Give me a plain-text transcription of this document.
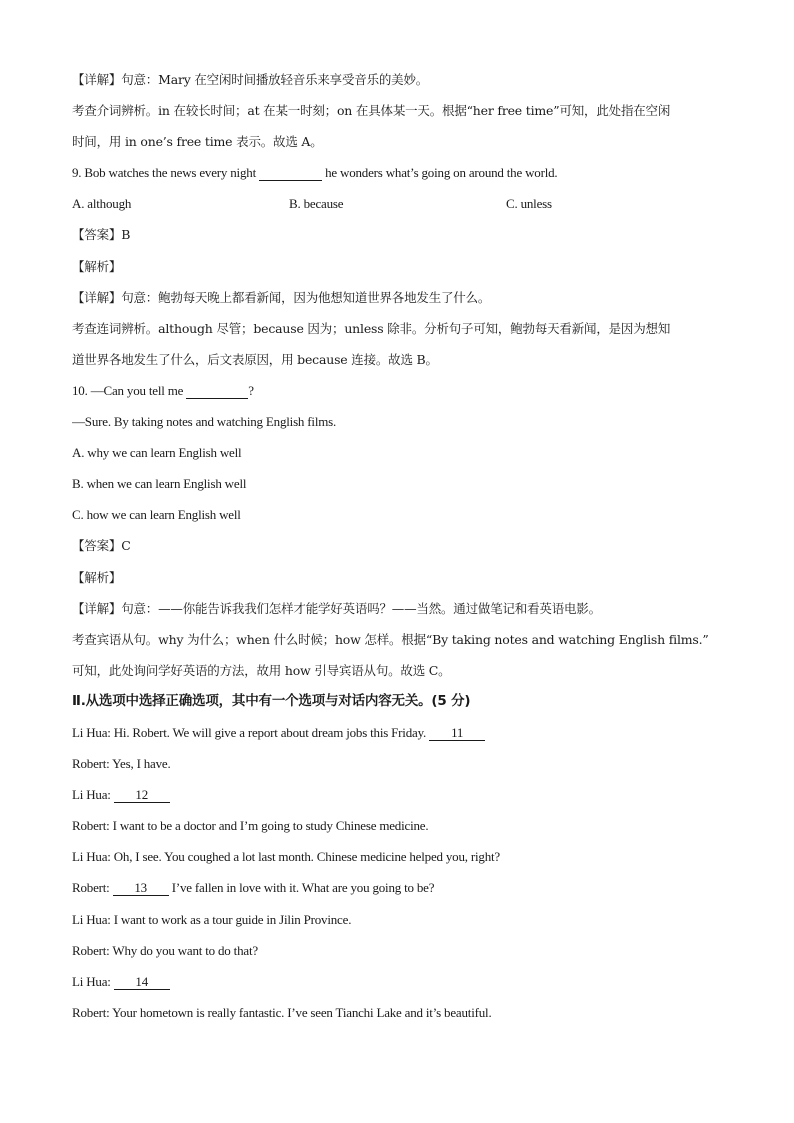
【详解】句意：Mary 在空闲时间播放轻音乐来享受音乐的美妙。
考查介词辨析。in 在较长时间；at 在某一时刻；on 在具体某一天。根据“her free time”可知，此处指在空闲
时间，用 in one’s free time 表示。故选 A。
9. Bob watches the news every night	he wonders what’s going on around the world.
A. although	B. because	C. unless
【答案】B
【解析】
【详解】句意：鲍勃每天晚上都看新闻，因为他想知道世界各地发生了什么。
考查连词辨析。although 尽管；because 因为；unless 除非。分析句子可知，鲍勃每天看新闻，是因为想知
道世界各地发生了什么，后文表原因，用 because 连接。故选 B。
10. —Can you tell me	?
—Sure. By taking notes and watching English films.
A. why we can learn English well
B. when we can learn English well
C. how we can learn English well
【答案】C
【解析】
【详解】句意：——你能告诉我我们怎样才能学好英语吗？——当然。通过做笔记和看英语电影。
考查宾语从句。why 为什么；when 什么时候；how 怎样。根据“By taking notes and watching English films.”
可知，此处询问学好英语的方法，故用 how 引导宾语从句。故选 C。
Ⅱ.从选项中选择正确选项，其中有一个选项与对话内容无关。(5 分)
Li Hua: Hi. Robert. We will give a report about dream jobs this Friday. 11
Robert: Yes, I have.
Li Hua: 12
Robert: I want to be a doctor and I’m going to study Chinese medicine.
Li Hua: Oh, I see. You coughed a lot last month. Chinese medicine helped you, right?
Robert: 13 I’ve fallen in love with it. What are you going to be?
Li Hua: I want to work as a tour guide in Jilin Province.
Robert: Why do you want to do that?
Li Hua: 14
Robert: Your hometown is really fantastic. I’ve seen Tianchi Lake and it’s beautiful.
